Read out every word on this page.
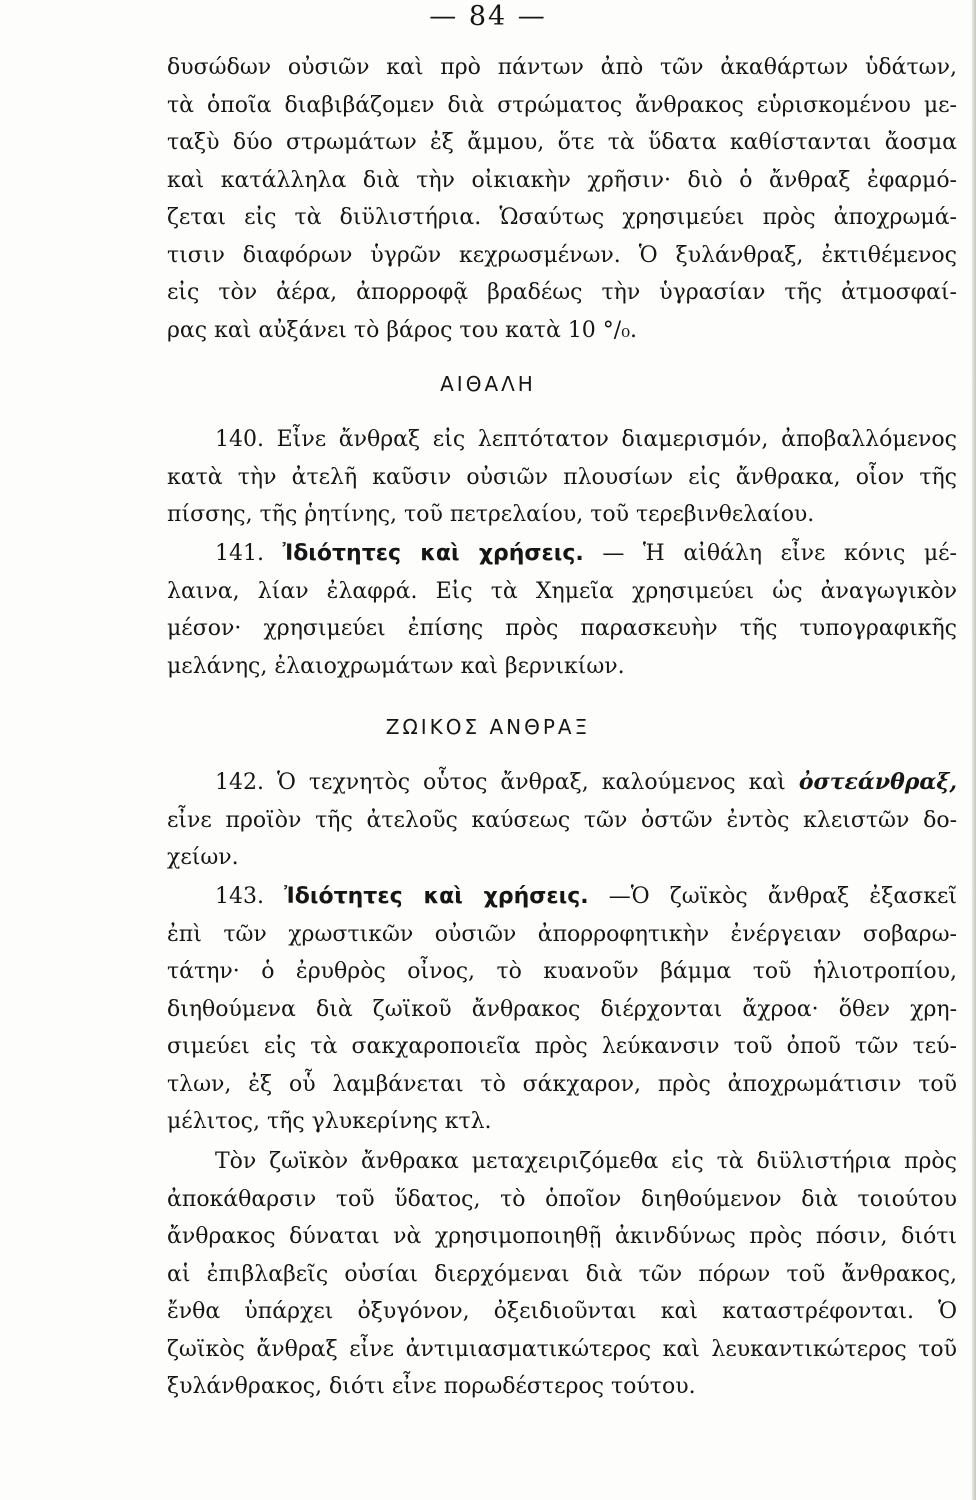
— 84 —
δυσώδων οὐσιῶν καὶ πρὸ πάντων ἀπὸ τῶν ἀκαθάρτων ὑδάτων,
τὰ ὁποῖα διαβιβάζομεν διὰ στρώματος ἄνθρακος εὑρισκομένου με-
ταξὺ δύο στρωμάτων ἐξ ἄμμου, ὅτε τὰ ὕδατα καθίστανται ἄοσμα
καὶ κατάλληλα διὰ τὴν οἰκιακὴν χρῆσιν· διὸ ὁ ἄνθραξ ἐφαρμό-
ζεται εἰς τὰ διϋλιστήρια. Ὡσαύτως χρησιμεύει πρὸς ἀποχρωμά-
τισιν διαφόρων ὑγρῶν κεχρωσμένων. Ὁ ξυλάνθραξ, ἐκτιθέμενος
εἰς τὸν ἀέρα, ἀπορροφᾷ βραδέως τὴν ὑγρασίαν τῆς ἀτμοσφαί-
ρας καὶ αὐξάνει τὸ βάρος του κατὰ 10 °/₀.
ΑΙΘΑΛΗ
140. Εἶνε ἄνθραξ εἰς λεπτότατον διαμερισμόν, ἀποβαλλόμενος
κατὰ τὴν ἀτελῆ καῦσιν οὐσιῶν πλουσίων εἰς ἄνθρακα, οἷον τῆς
πίσσης, τῆς ῥητίνης, τοῦ πετρελαίου, τοῦ τερεβινθελαίου.
141. Ἰδιότητες καὶ χρήσεις. — Ἡ αἰθάλη εἶνε κόνις μέ-
λαινα, λίαν ἐλαφρά. Εἰς τὰ Χημεῖα χρησιμεύει ὡς ἀναγωγικὸν
μέσον· χρησιμεύει ἐπίσης πρὸς παρασκευὴν τῆς τυπογραφικῆς
μελάνης, ἐλαιοχρωμάτων καὶ βερνικίων.
ΖΩΙΚΟΣ ΑΝΘΡΑΞ
142. Ὁ τεχνητὸς οὗτος ἄνθραξ, καλούμενος καὶ ὀστεάνθραξ,
εἶνε προϊὸν τῆς ἀτελοῦς καύσεως τῶν ὀστῶν ἐντὸς κλειστῶν δο-
χείων.
143. Ἰδιότητες καὶ χρήσεις. —Ὁ ζωϊκὸς ἄνθραξ ἐξασκεῖ
ἐπὶ τῶν χρωστικῶν οὐσιῶν ἀπορροφητικὴν ἐνέργειαν σοβαρω-
τάτην· ὁ ἐρυθρὸς οἶνος, τὸ κυανοῦν βάμμα τοῦ ἡλιοτροπίου,
διηθούμενα διὰ ζωϊκοῦ ἄνθρακος διέρχονται ἄχροα· ὅθεν χρη-
σιμεύει εἰς τὰ σακχαροποιεῖα πρὸς λεύκανσιν τοῦ ὀποῦ τῶν τεύ-
τλων, ἐξ οὗ λαμβάνεται τὸ σάκχαρον, πρὸς ἀποχρωμάτισιν τοῦ
μέλιτος, τῆς γλυκερίνης κτλ.
Τὸν ζωϊκὸν ἄνθρακα μεταχειριζόμεθα εἰς τὰ διϋλιστήρια πρὸς
ἀποκάθαρσιν τοῦ ὕδατος, τὸ ὁποῖον διηθούμενον διὰ τοιούτου
ἄνθρακος δύναται νὰ χρησιμοποιηθῇ ἀκινδύνως πρὸς πόσιν, διότι
αἱ ἐπιβλαβεῖς οὐσίαι διερχόμεναι διὰ τῶν πόρων τοῦ ἄνθρακος,
ἔνθα ὑπάρχει ὀξυγόνον, ὀξειδιοῦνται καὶ καταστρέφονται. Ὁ
ζωϊκὸς ἄνθραξ εἶνε ἀντιμιασματικώτερος καὶ λευκαντικώτερος τοῦ
ξυλάνθρακος, διότι εἶνε πορωδέστερος τούτου.
